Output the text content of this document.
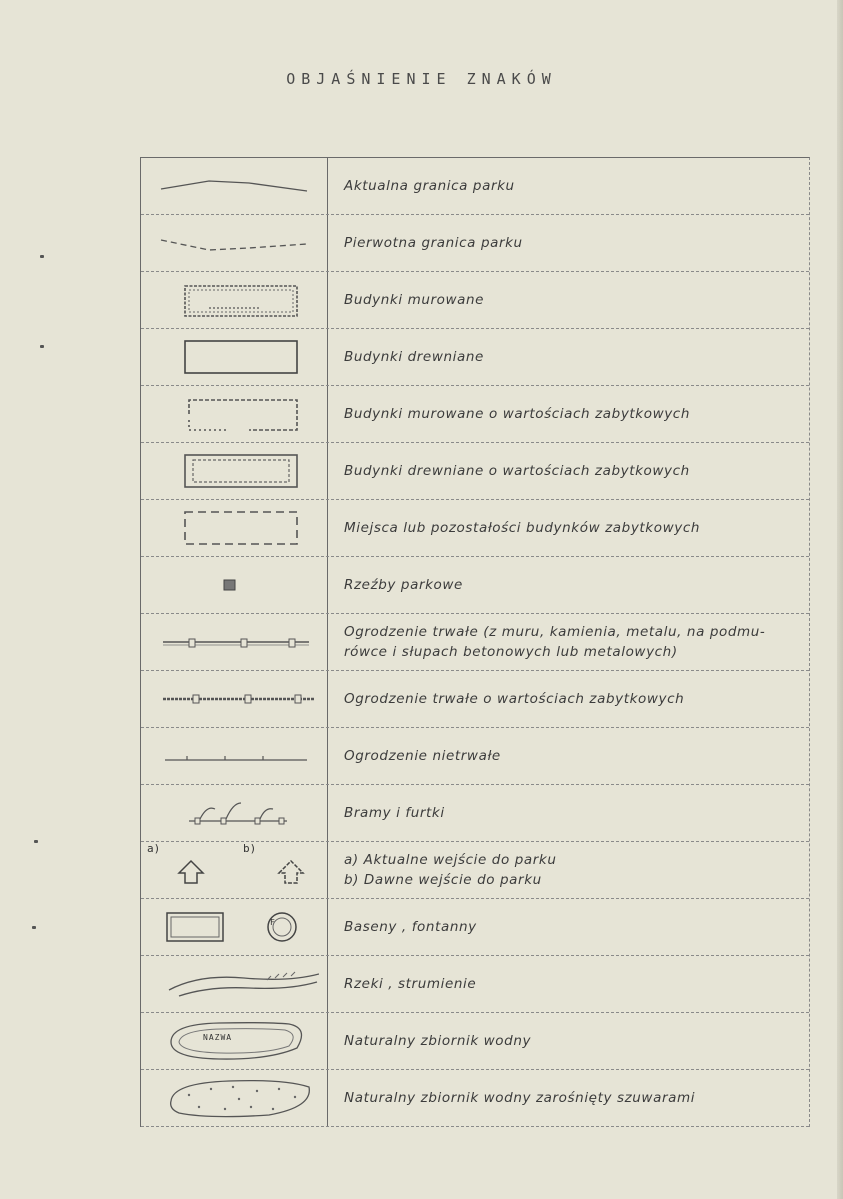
OBJAŚNIENIE ZNAKÓW
Aktualna granica parku
Pierwotna granica parku
Budynki murowane
Budynki drewniane
Budynki murowane o wartościach zabytkowych
Budynki drewniane o wartościach zabytkowych
Miejsca lub pozostałości budynków zabytkowych
Rzeźby parkowe
Ogrodzenie trwałe (z muru, kamienia, metalu, na podmu-
rówce i słupach betonowych lub metalowych)
Ogrodzenie trwałe o wartościach zabytkowych
Ogrodzenie nietrwałe
Bramy i furtki
a)	b)
a) Aktualne wejście do parku
b) Dawne wejście do parku
F	Baseny , fontanny
Rzeki , strumienie
NAZWA	Naturalny zbiornik wodny
Naturalny zbiornik wodny zarośnięty szuwarami
